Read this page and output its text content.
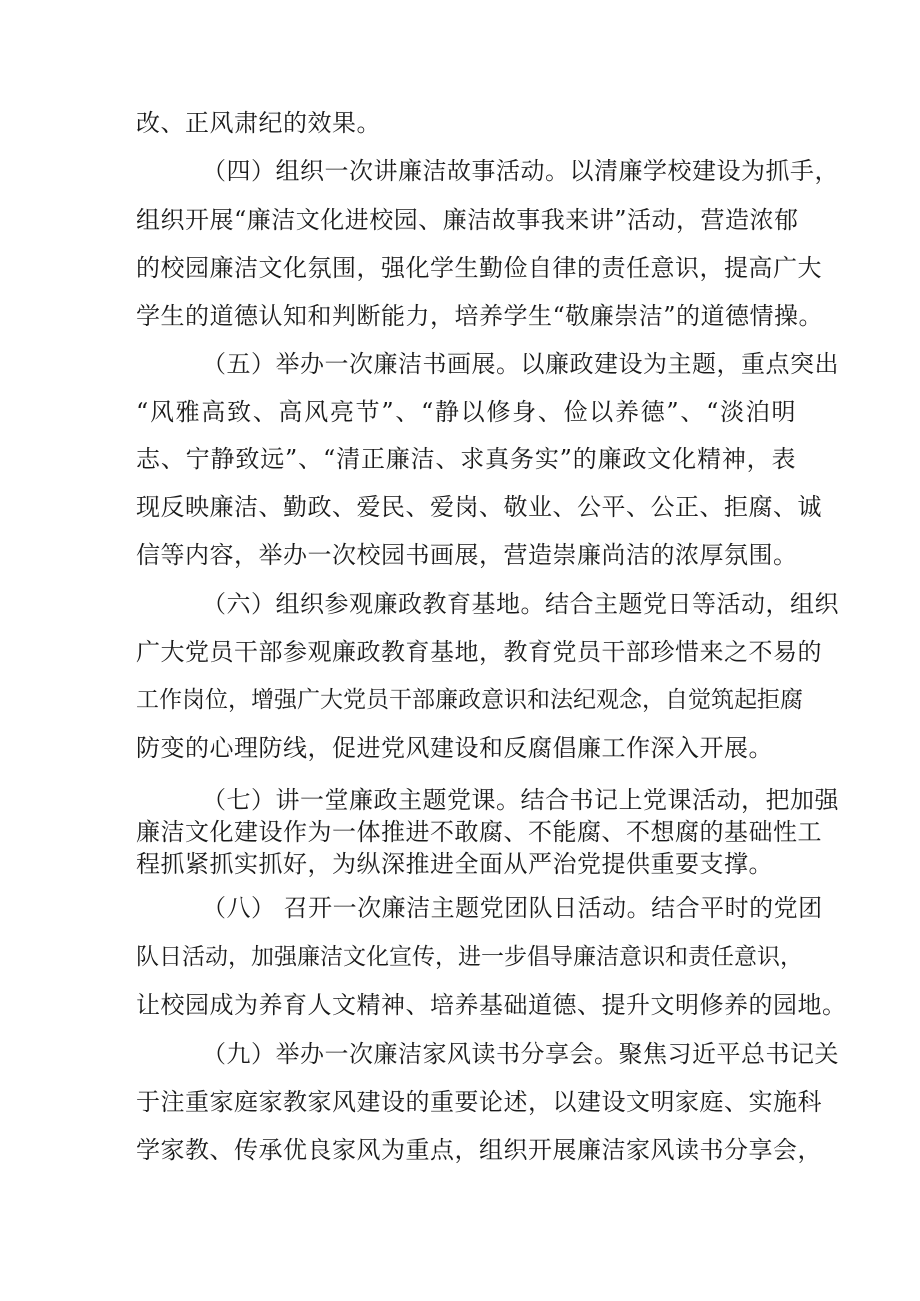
改、正风肃纪的效果。

（四）组织一次讲廉洁故事活动。以清廉学校建设为抓手，

组织开展“廉洁文化进校园、廉洁故事我来讲”活动，营造浓郁

的校园廉洁文化氛围，强化学生勤俭自律的责任意识，提高广大

学生的道德认知和判断能力，培养学生“敬廉崇洁”的道德情操。

（五）举办一次廉洁书画展。以廉政建设为主题，重点突出

“风雅高致、高风亮节”、“静以修身、俭以养德”、“淡泊明

志、宁静致远”、“清正廉洁、求真务实”的廉政文化精神，表

现反映廉洁、勤政、爱民、爱岗、敬业、公平、公正、拒腐、诚

信等内容，举办一次校园书画展，营造崇廉尚洁的浓厚氛围。

（六）组织参观廉政教育基地。结合主题党日等活动，组织

广大党员干部参观廉政教育基地，教育党员干部珍惜来之不易的

工作岗位，增强广大党员干部廉政意识和法纪观念，自觉筑起拒腐

防变的心理防线，促进党风建设和反腐倡廉工作深入开展。

（七）讲一堂廉政主题党课。结合书记上党课活动，把加强

廉洁文化建设作为一体推进不敢腐、不能腐、不想腐的基础性工

程抓紧抓实抓好，为纵深推进全面从严治党提供重要支撑。

（八） 召开一次廉洁主题党团队日活动。结合平时的党团

队日活动，加强廉洁文化宣传，进一步倡导廉洁意识和责任意识，

让校园成为养育人文精神、培养基础道德、提升文明修养的园地。

（九）举办一次廉洁家风读书分享会。聚焦习近平总书记关

于注重家庭家教家风建设的重要论述，以建设文明家庭、实施科

学家教、传承优良家风为重点，组织开展廉洁家风读书分享会，
